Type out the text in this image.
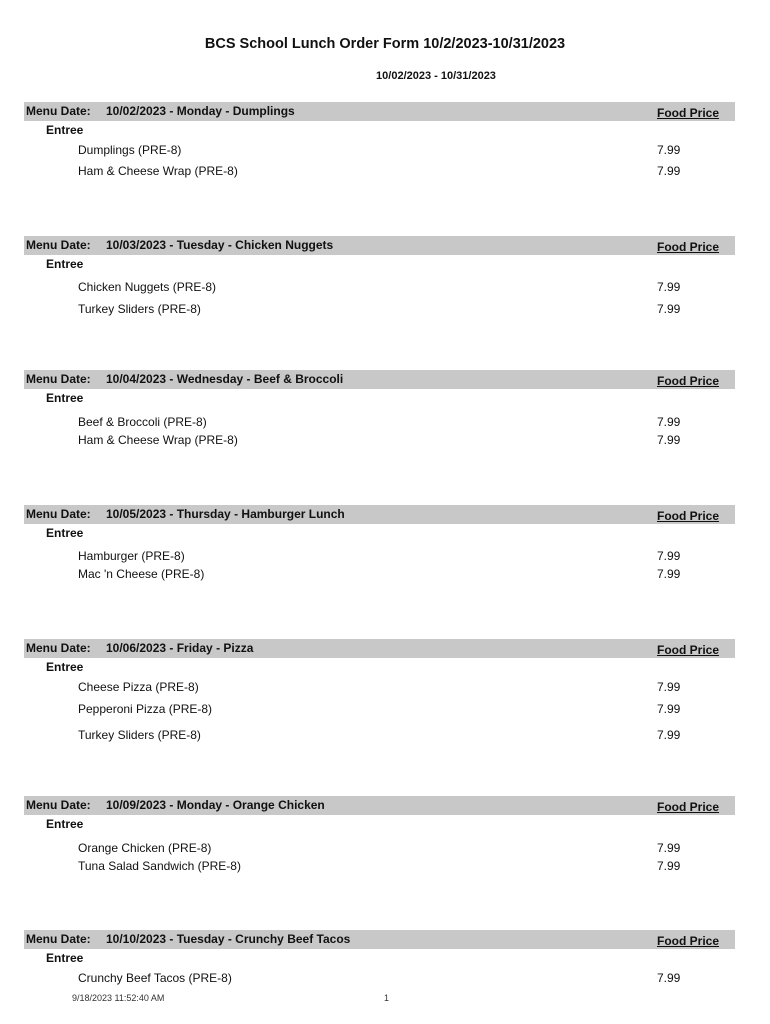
BCS School Lunch Order Form 10/2/2023-10/31/2023
10/02/2023 - 10/31/2023
Menu Date: 10/02/2023 - Monday - Dumplings	Food Price
Entree
Dumplings (PRE-8)	7.99
Ham & Cheese Wrap (PRE-8)	7.99
Menu Date: 10/03/2023 - Tuesday - Chicken Nuggets	Food Price
Entree
Chicken Nuggets (PRE-8)	7.99
Turkey Sliders (PRE-8)	7.99
Menu Date: 10/04/2023 - Wednesday - Beef & Broccoli	Food Price
Entree
Beef & Broccoli (PRE-8)	7.99
Ham & Cheese Wrap (PRE-8)	7.99
Menu Date: 10/05/2023 - Thursday - Hamburger Lunch	Food Price
Entree
Hamburger (PRE-8)	7.99
Mac 'n Cheese (PRE-8)	7.99
Menu Date: 10/06/2023 - Friday - Pizza	Food Price
Entree
Cheese Pizza (PRE-8)	7.99
Pepperoni Pizza (PRE-8)	7.99
Turkey Sliders (PRE-8)	7.99
Menu Date: 10/09/2023 - Monday - Orange Chicken	Food Price
Entree
Orange Chicken (PRE-8)	7.99
Tuna Salad Sandwich (PRE-8)	7.99
Menu Date: 10/10/2023 - Tuesday - Crunchy Beef Tacos	Food Price
Entree
Crunchy Beef Tacos (PRE-8)	7.99
9/18/2023 11:52:40 AM	1
